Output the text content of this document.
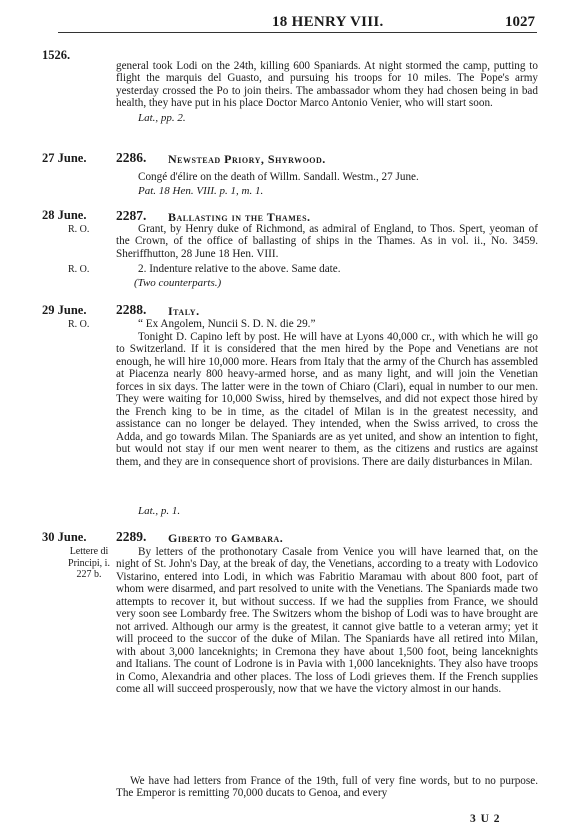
18 HENRY VIII.	1027
1526.
general took Lodi on the 24th, killing 600 Spaniards. At night stormed the camp, putting to flight the marquis del Guasto, and pursuing his troops for 10 miles. The Pope's army yesterday crossed the Po to join theirs. The ambassador whom they had chosen being in bad health, they have put in his place Doctor Marco Antonio Venier, who will start soon.
Lat., pp. 2.
27 June.	2286. Newstead Priory, Shyrwood.
Congé d'élire on the death of Willm. Sandall. Westm., 27 June.
Pat. 18 Hen. VIII. p. 1, m. 1.
28 June.
R. O.
2287. Ballasting in the Thames.
Grant, by Henry duke of Richmond, as admiral of England, to Thos. Spert, yeoman of the Crown, of the office of ballasting of ships in the Thames. As in vol. ii., No. 3459. Sheriffhutton, 28 June 18 Hen. VIII.
R. O.	2. Indenture relative to the above. Same date.
(Two counterparts.)
29 June.
R. O.
2288. Italy.
“ Ex Angolem, Nuncii S. D. N. die 29.”
Tonight D. Capino left by post. He will have at Lyons 40,000 cr., with which he will go to Switzerland. If it is considered that the men hired by the Pope and Venetians are not enough, he will hire 10,000 more. Hears from Italy that the army of the Church has assembled at Piacenza nearly 800 heavy-armed horse, and as many light, and will join the Venetian forces in six days. The latter were in the town of Chiaro (Clari), equal in number to our men. They were waiting for 10,000 Swiss, hired by themselves, and did not expect those hired by the French king to be in time, as the citadel of Milan is in the greatest necessity, and assistance can no longer be delayed. They intended, when the Swiss arrived, to cross the Adda, and go towards Milan. The Spaniards are as yet united, and show an intention to fight, but would not stay if our men went nearer to them, as the citizens and rustics are against them, and they are in consequence short of provisions. There are daily disturbances in Milan.
Lat., p. 1.
30 June.
Lettere di Principi, i. 227 b.
2289. Giberto to Gambara.
By letters of the prothonotary Casale from Venice you will have learned that, on the night of St. John's Day, at the break of day, the Venetians, according to a treaty with Lodovico Vistarino, entered into Lodi, in which was Fabritio Maramau with about 800 foot, part of whom were disarmed, and part resolved to unite with the Venetians. The Spaniards made two attempts to recover it, but without success. If we had the supplies from France, we should very soon see Lombardy free. The Switzers whom the bishop of Lodi was to have brought are not arrived. Although our army is the greatest, it cannot give battle to a veteran army; yet it will proceed to the succor of the duke of Milan. The Spaniards have all retired into Milan, with about 3,000 lanceknights; in Cremona they have about 1,500 foot, being lanceknights and Italians. The count of Lodrone is in Pavia with 1,000 lanceknights. They also have troops in Como, Alexandria and other places. The loss of Lodi grieves them. If the French supplies come all will succeed prosperously, now that we have the victory almost in our hands.
We have had letters from France of the 19th, full of very fine words, but to no purpose. The Emperor is remitting 70,000 ducats to Genoa, and every
3 U 2
